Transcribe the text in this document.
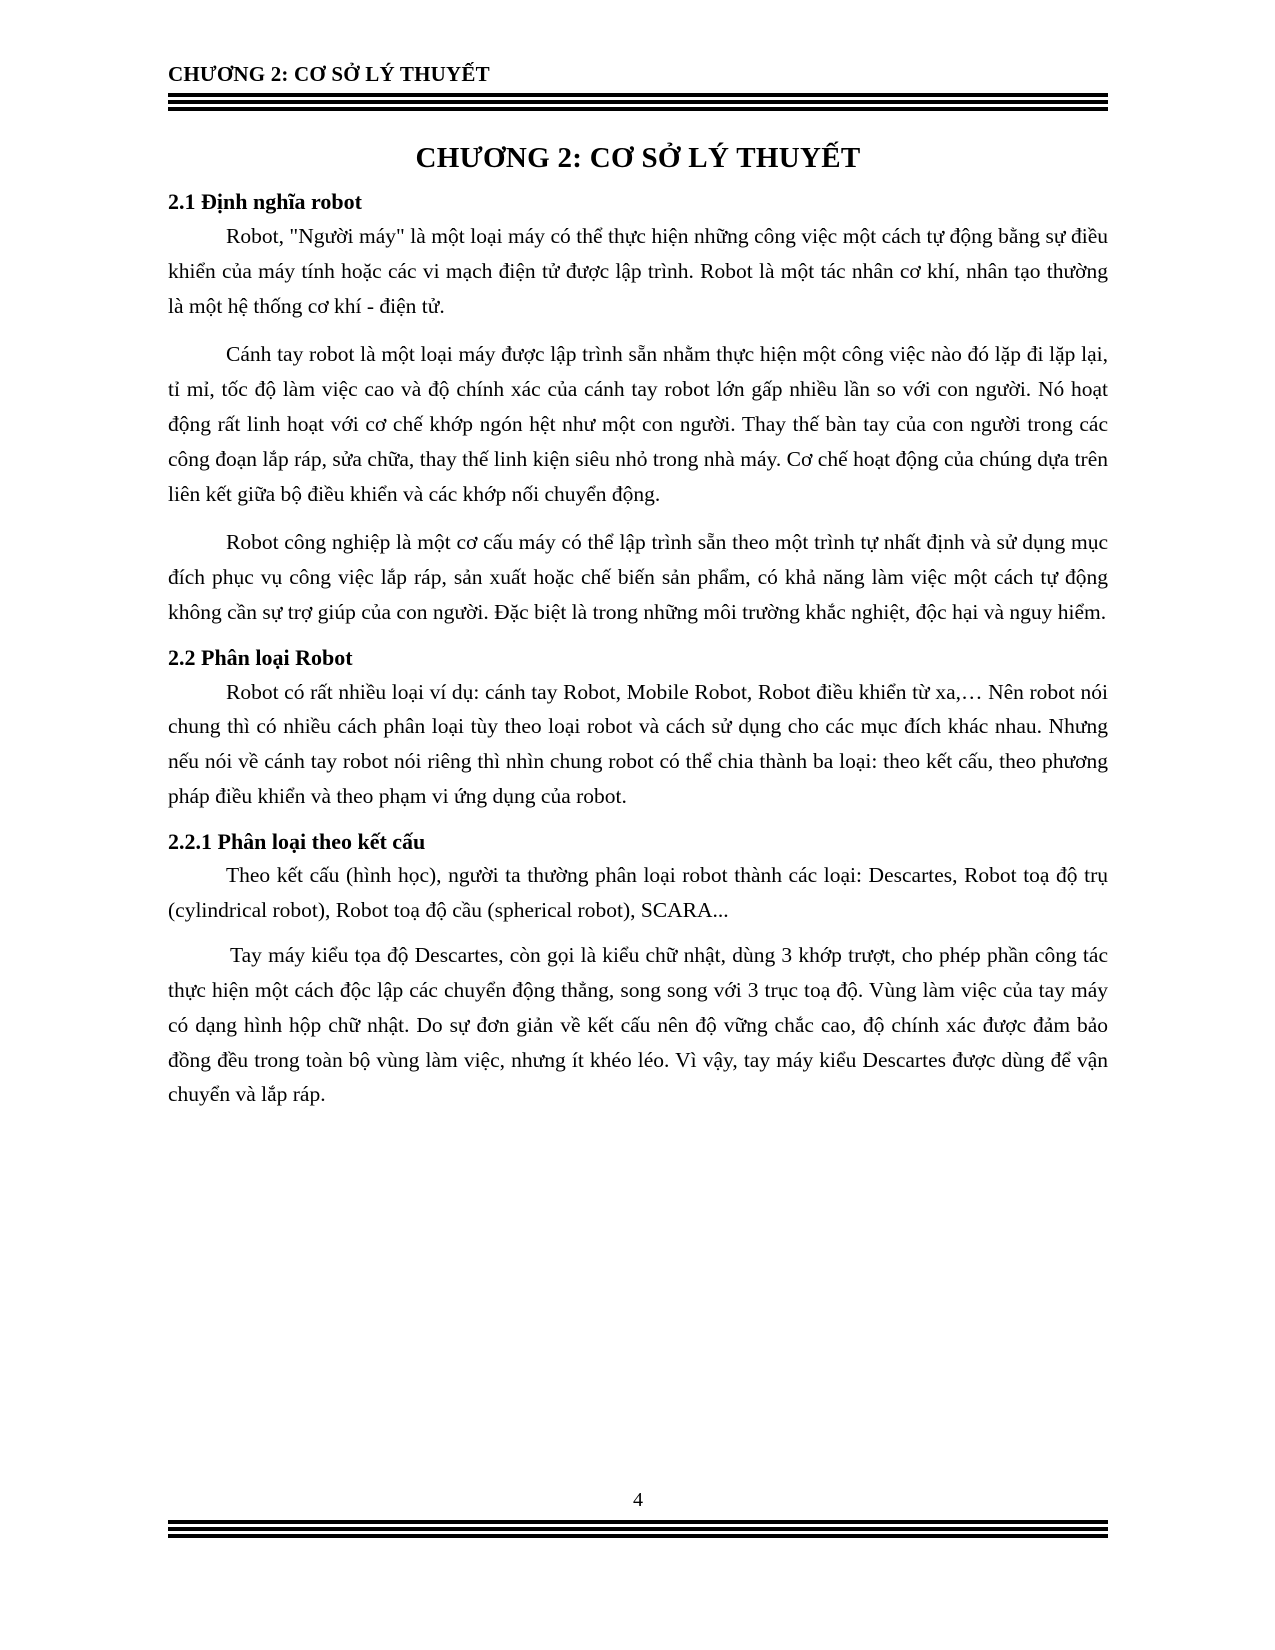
CHƯƠNG 2: CƠ SỞ LÝ THUYẾT
CHƯƠNG 2: CƠ SỞ LÝ THUYẾT
2.1 Định nghĩa robot

Robot, "Người máy" là một loại máy có thể thực hiện những công việc một cách tự động bằng sự điều khiển của máy tính hoặc các vi mạch điện tử được lập trình. Robot là một tác nhân cơ khí, nhân tạo thường là một hệ thống cơ khí - điện tử.

Cánh tay robot là một loại máy được lập trình sẵn nhằm thực hiện một công việc nào đó lặp đi lặp lại, tỉ mỉ, tốc độ làm việc cao và độ chính xác của cánh tay robot lớn gấp nhiều lần so với con người. Nó hoạt động rất linh hoạt với cơ chế khớp ngón hệt như một con người. Thay thế bàn tay của con người trong các công đoạn lắp ráp, sửa chữa, thay thế linh kiện siêu nhỏ trong nhà máy. Cơ chế hoạt động của chúng dựa trên liên kết giữa bộ điều khiển và các khớp nối chuyển động.

Robot công nghiệp là một cơ cấu máy có thể lập trình sẵn theo một trình tự nhất định và sử dụng mục đích phục vụ công việc lắp ráp, sản xuất hoặc chế biến sản phẩm, có khả năng làm việc một cách tự động không cần sự trợ giúp của con người. Đặc biệt là trong những môi trường khắc nghiệt, độc hại và nguy hiểm.

2.2 Phân loại Robot

Robot có rất nhiều loại ví dụ: cánh tay Robot, Mobile Robot, Robot điều khiển từ xa,… Nên robot nói chung thì có nhiều cách phân loại tùy theo loại robot và cách sử dụng cho các mục đích khác nhau. Nhưng nếu nói về cánh tay robot nói riêng thì nhìn chung robot có thể chia thành ba loại: theo kết cấu, theo phương pháp điều khiển và theo phạm vi ứng dụng của robot.

2.2.1 Phân loại theo kết cấu

Theo kết cấu (hình học), người ta thường phân loại robot thành các loại: Descartes, Robot toạ độ trụ (cylindrical robot), Robot toạ độ cầu (spherical robot), SCARA...

Tay máy kiểu tọa độ Descartes, còn gọi là kiểu chữ nhật, dùng 3 khớp trượt, cho phép phần công tác thực hiện một cách độc lập các chuyển động thẳng, song song với 3 trục toạ độ. Vùng làm việc của tay máy có dạng hình hộp chữ nhật. Do sự đơn giản về kết cấu nên độ vững chắc cao, độ chính xác được đảm bảo đồng đều trong toàn bộ vùng làm việc, nhưng ít khéo léo. Vì vậy, tay máy kiểu Descartes được dùng để vận chuyển và lắp ráp.

4
